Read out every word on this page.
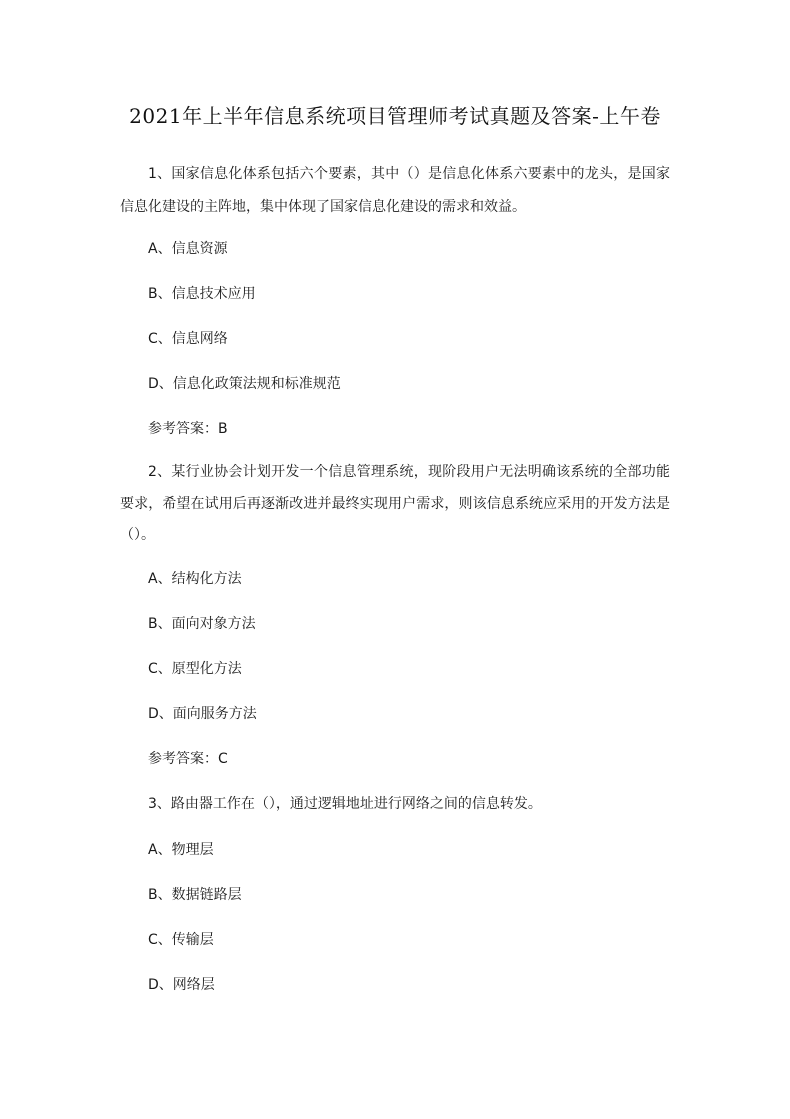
2021年上半年信息系统项目管理师考试真题及答案-上午卷
1、国家信息化体系包括六个要素，其中（）是信息化体系六要素中的龙头，是国家
信息化建设的主阵地，集中体现了国家信息化建设的需求和效益。
A、信息资源
B、信息技术应用
C、信息网络
D、信息化政策法规和标准规范
参考答案：B
2、某行业协会计划开发一个信息管理系统，现阶段用户无法明确该系统的全部功能
要求，希望在试用后再逐渐改进并最终实现用户需求，则该信息系统应采用的开发方法是
（）。
A、结构化方法
B、面向对象方法
C、原型化方法
D、面向服务方法
参考答案：C
3、路由器工作在（），通过逻辑地址进行网络之间的信息转发。
A、物理层
B、数据链路层
C、传输层
D、网络层
